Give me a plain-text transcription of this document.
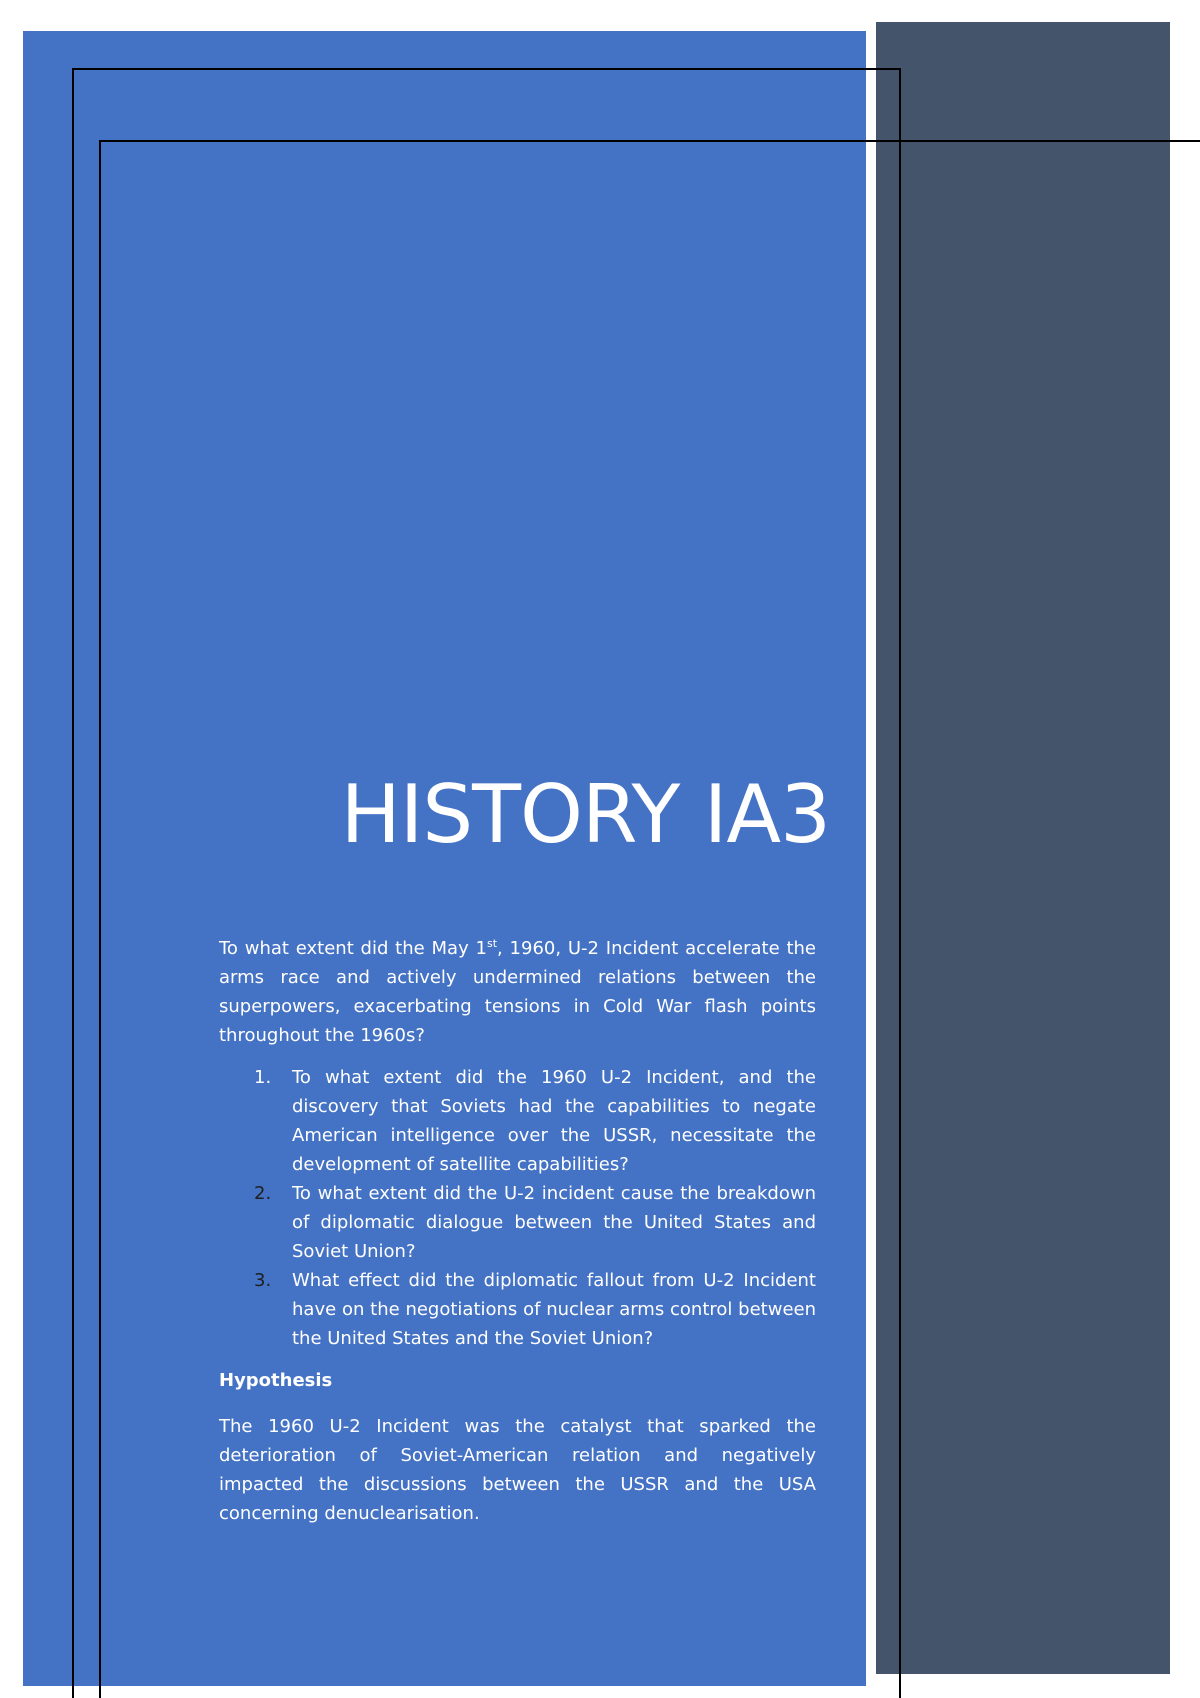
HISTORY IA3

To what extent did the May 1st, 1960, U-2 Incident accelerate the arms race and actively undermined relations between the superpowers, exacerbating tensions in Cold War flash points throughout the 1960s?

1. To what extent did the 1960 U-2 Incident, and the discovery that Soviets had the capabilities to negate American intelligence over the USSR, necessitate the development of satellite capabilities?
2. To what extent did the U-2 incident cause the breakdown of diplomatic dialogue between the United States and Soviet Union?
3. What effect did the diplomatic fallout from U-2 Incident have on the negotiations of nuclear arms control between the United States and the Soviet Union?

Hypothesis

The 1960 U-2 Incident was the catalyst that sparked the deterioration of Soviet-American relation and negatively impacted the discussions between the USSR and the USA concerning denuclearisation.
